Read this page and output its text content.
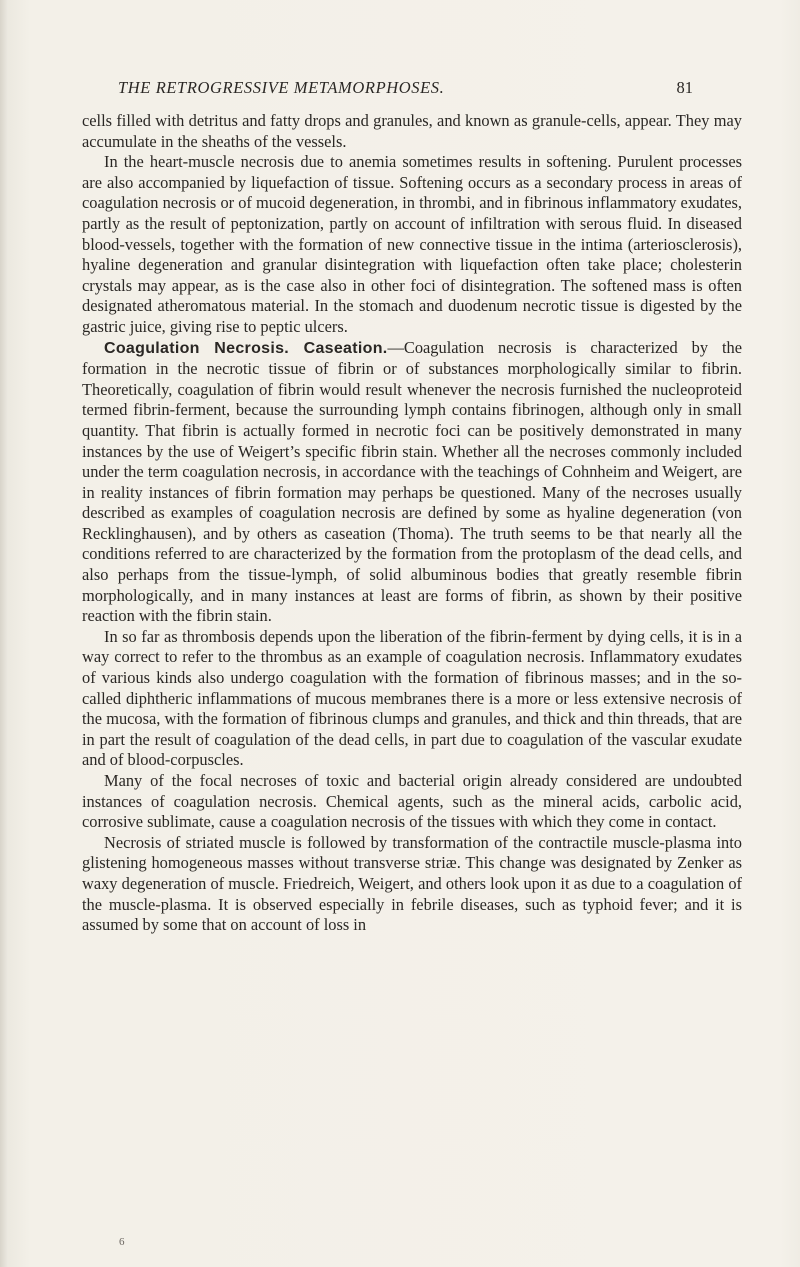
THE RETROGRESSIVE METAMORPHOSES.	81

cells filled with detritus and fatty drops and granules, and known as granule-cells, appear. They may accumulate in the sheaths of the vessels.

In the heart-muscle necrosis due to anemia sometimes results in softening. Purulent processes are also accompanied by liquefaction of tissue. Softening occurs as a secondary process in areas of coagulation necrosis or of mucoid degeneration, in thrombi, and in fibrinous inflammatory exudates, partly as the result of peptonization, partly on account of infiltration with serous fluid. In diseased blood-vessels, together with the formation of new connective tissue in the intima (arteriosclerosis), hyaline degeneration and granular disintegration with liquefaction often take place; cholesterin crystals may appear, as is the case also in other foci of disintegration. The softened mass is often designated atheromatous material. In the stomach and duodenum necrotic tissue is digested by the gastric juice, giving rise to peptic ulcers.

Coagulation Necrosis. Caseation.—Coagulation necrosis is characterized by the formation in the necrotic tissue of fibrin or of substances morphologically similar to fibrin. Theoretically, coagulation of fibrin would result whenever the necrosis furnished the nucleoproteid termed fibrin-ferment, because the surrounding lymph contains fibrinogen, although only in small quantity. That fibrin is actually formed in necrotic foci can be positively demonstrated in many instances by the use of Weigert’s specific fibrin stain. Whether all the necroses commonly included under the term coagulation necrosis, in accordance with the teachings of Cohnheim and Weigert, are in reality instances of fibrin formation may perhaps be questioned. Many of the necroses usually described as examples of coagulation necrosis are defined by some as hyaline degeneration (von Recklinghausen), and by others as caseation (Thoma). The truth seems to be that nearly all the conditions referred to are characterized by the formation from the protoplasm of the dead cells, and also perhaps from the tissue-lymph, of solid albuminous bodies that greatly resemble fibrin morphologically, and in many instances at least are forms of fibrin, as shown by their positive reaction with the fibrin stain.

In so far as thrombosis depends upon the liberation of the fibrin-ferment by dying cells, it is in a way correct to refer to the thrombus as an example of coagulation necrosis. Inflammatory exudates of various kinds also undergo coagulation with the formation of fibrinous masses; and in the so-called diphtheric inflammations of mucous membranes there is a more or less extensive necrosis of the mucosa, with the formation of fibrinous clumps and granules, and thick and thin threads, that are in part the result of coagulation of the dead cells, in part due to coagulation of the vascular exudate and of blood-corpuscles.

Many of the focal necroses of toxic and bacterial origin already considered are undoubted instances of coagulation necrosis. Chemical agents, such as the mineral acids, carbolic acid, corrosive sublimate, cause a coagulation necrosis of the tissues with which they come in contact.

Necrosis of striated muscle is followed by transformation of the contractile muscle-plasma into glistening homogeneous masses without transverse striæ. This change was designated by Zenker as waxy degeneration of muscle. Friedreich, Weigert, and others look upon it as due to a coagulation of the muscle-plasma. It is observed especially in febrile diseases, such as typhoid fever; and it is assumed by some that on account of loss in

6
